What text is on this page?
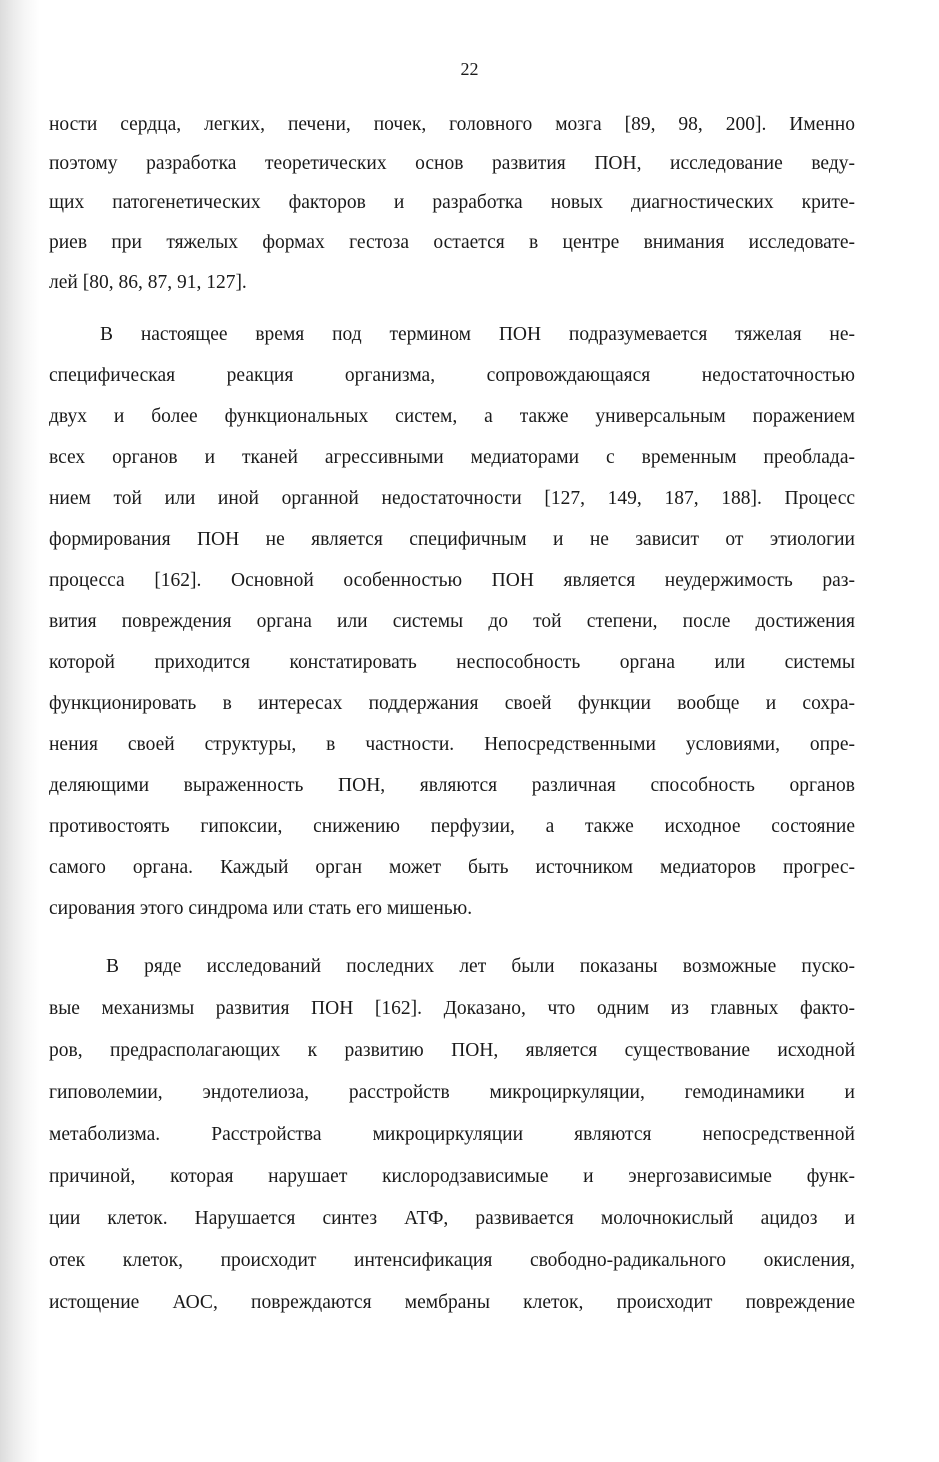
22
ности сердца, легких, печени, почек, головного мозга [89, 98, 200]. Именно
поэтому разработка теоретических основ развития ПОН, исследование веду-
щих патогенетических факторов и разработка новых диагностических крите-
риев при тяжелых формах гестоза остается в центре внимания исследовате-
лей [80, 86, 87, 91, 127].
В настоящее время под термином ПОН подразумевается тяжелая не-
специфическая реакция организма, сопровождающаяся недостаточностью
двух и более функциональных систем, а также универсальным поражением
всех органов и тканей агрессивными медиаторами с временным преоблада-
нием той или иной органной недостаточности [127, 149, 187, 188]. Процесс
формирования ПОН не является специфичным и не зависит от этиологии
процесса [162]. Основной особенностью ПОН является неудержимость раз-
вития повреждения органа или системы до той степени, после достижения
которой приходится констатировать неспособность органа или системы
функционировать в интересах поддержания своей функции вообще и сохра-
нения своей структуры, в частности. Непосредственными условиями, опре-
деляющими выраженность ПОН, являются различная способность органов
противостоять гипоксии, снижению перфузии, а также исходное состояние
самого органа. Каждый орган может быть источником медиаторов прогрес-
сирования этого синдрома или стать его мишенью.
В ряде исследований последних лет были показаны возможные пуско-
вые механизмы развития ПОН [162]. Доказано, что одним из главных факто-
ров, предрасполагающих к развитию ПОН, является существование исходной
гиповолемии, эндотелиоза, расстройств микроциркуляции, гемодинамики и
метаболизма. Расстройства микроциркуляции являются непосредственной
причиной, которая нарушает кислородзависимые и энергозависимые функ-
ции клеток. Нарушается синтез АТФ, развивается молочнокислый ацидоз и
отек клеток, происходит интенсификация свободно-радикального окисления,
истощение АОС, повреждаются мембраны клеток, происходит повреждение
